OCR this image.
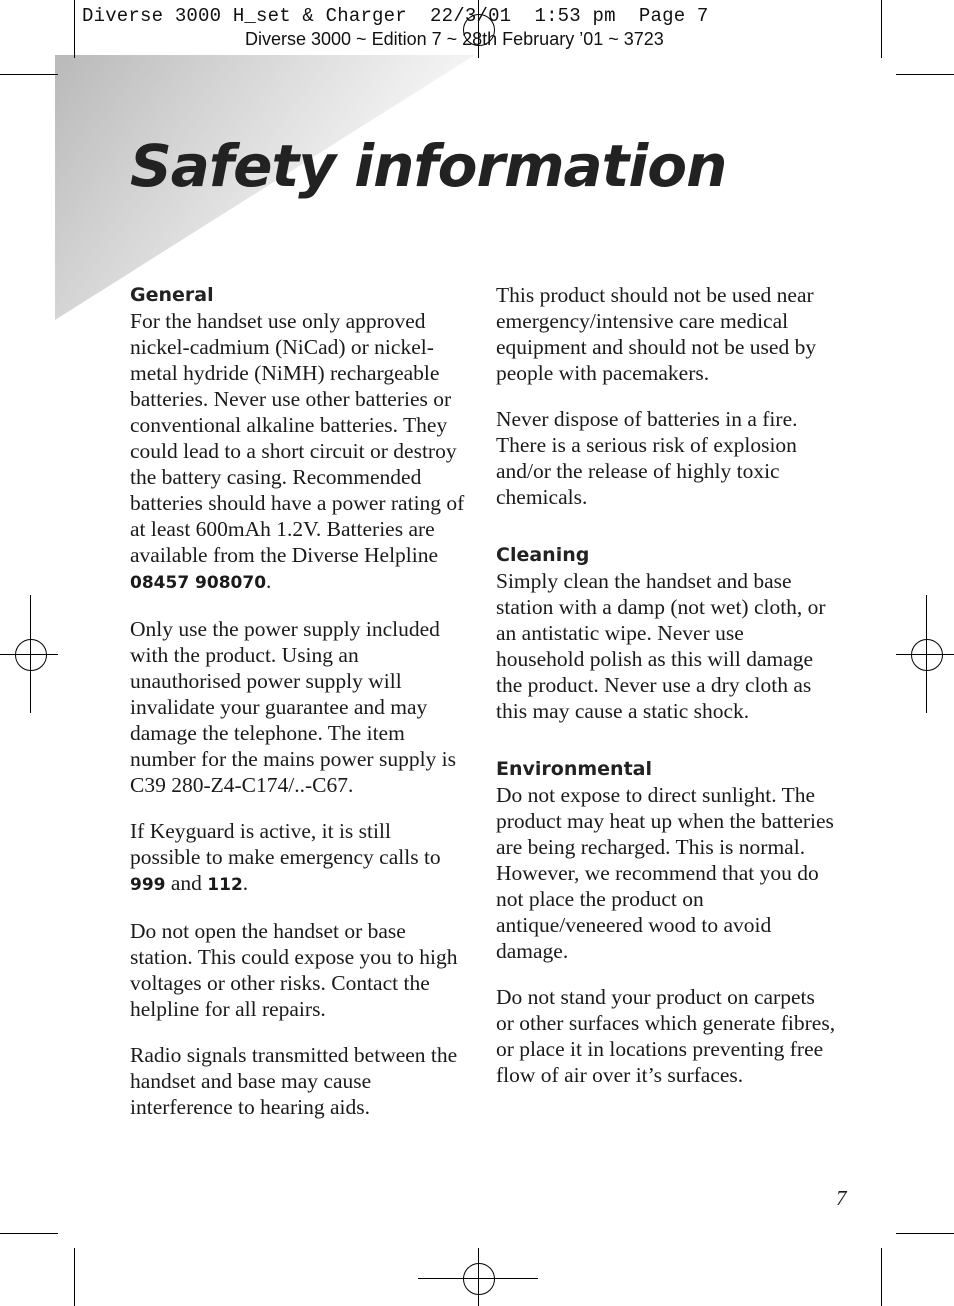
Diverse 3000 H_set & Charger  22/3/01  1:53 pm  Page 7
Diverse 3000 ~ Edition 7 ~ 28th February ’01 ~ 3723
Safety information
General

For the handset use only approved nickel-cadmium (NiCad) or nickel-metal hydride (NiMH) rechargeable batteries. Never use other batteries or conventional alkaline batteries. They could lead to a short circuit or destroy the battery casing. Recommended batteries should have a power rating of at least 600mAh 1.2V. Batteries are available from the Diverse Helpline 08457 908070.

Only use the power supply included with the product. Using an unauthorised power supply will invalidate your guarantee and may damage the telephone. The item number for the mains power supply is C39 280-Z4-C174/..-C67.

If Keyguard is active, it is still possible to make emergency calls to 999 and 112.

Do not open the handset or base station. This could expose you to high voltages or other risks. Contact the helpline for all repairs.

Radio signals transmitted between the handset and base may cause interference to hearing aids.

This product should not be used near emergency/intensive care medical equipment and should not be used by people with pacemakers.

Never dispose of batteries in a fire. There is a serious risk of explosion and/or the release of highly toxic chemicals.

Cleaning

Simply clean the handset and base station with a damp (not wet) cloth, or an antistatic wipe. Never use household polish as this will damage the product. Never use a dry cloth as this may cause a static shock.

Environmental

Do not expose to direct sunlight. The product may heat up when the batteries are being recharged. This is normal. However, we recommend that you do not place the product on antique/veneered wood to avoid damage.

Do not stand your product on carpets or other surfaces which generate fibres, or place it in locations preventing free flow of air over it’s surfaces.

7
